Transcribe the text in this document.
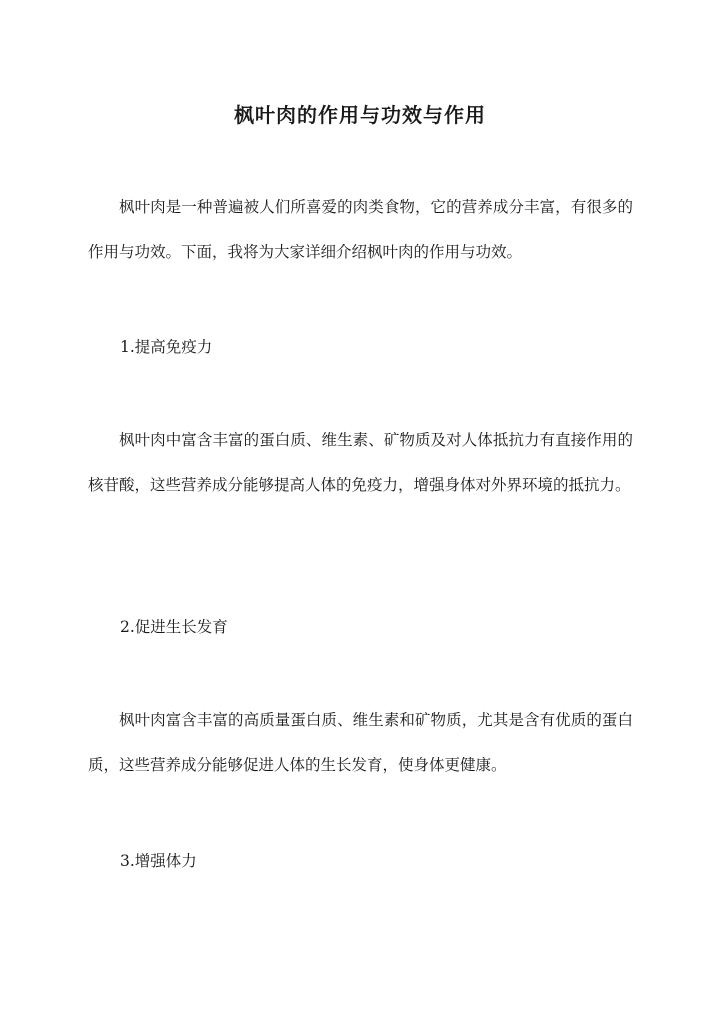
枫叶肉的作用与功效与作用

枫叶肉是一种普遍被人们所喜爱的肉类食物，它的营养成分丰富，有很多的作用与功效。下面，我将为大家详细介绍枫叶肉的作用与功效。

1.提高免疫力

枫叶肉中富含丰富的蛋白质、维生素、矿物质及对人体抵抗力有直接作用的核苷酸，这些营养成分能够提高人体的免疫力，增强身体对外界环境的抵抗力。

2.促进生长发育

枫叶肉富含丰富的高质量蛋白质、维生素和矿物质，尤其是含有优质的蛋白质，这些营养成分能够促进人体的生长发育，使身体更健康。

3.增强体力
